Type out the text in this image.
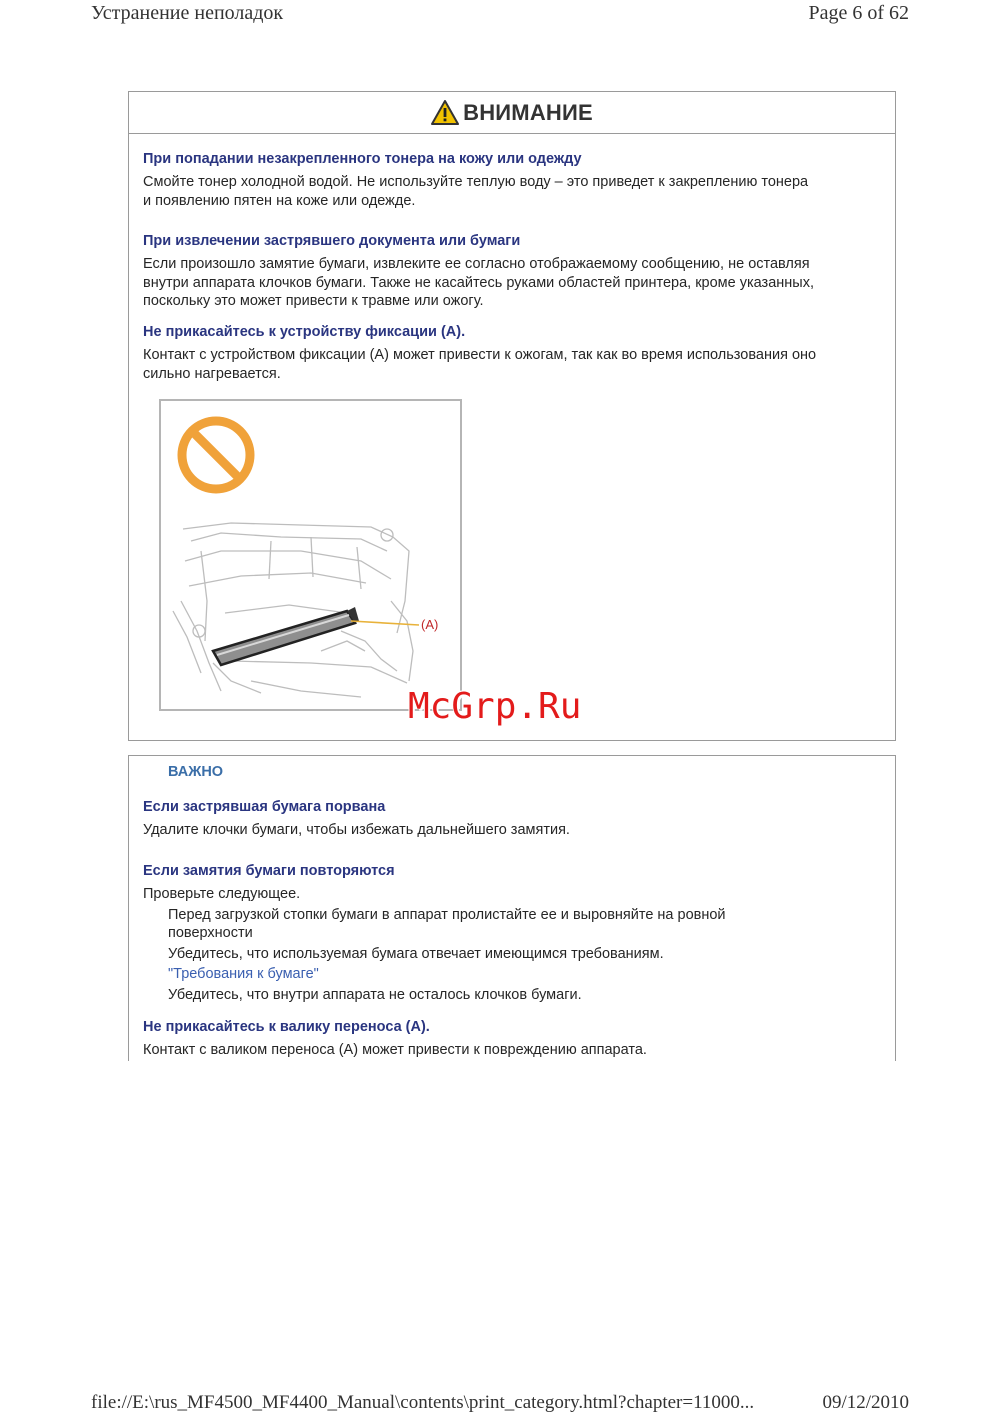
Устранение неполадок	Page 6 of 62
ВНИМАНИЕ
При попадании незакрепленного тонера на кожу или одежду
Смойте тонер холодной водой. Не используйте теплую воду – это приведет к закреплению тонера
и появлению пятен на коже или одежде.
При извлечении застрявшего документа или бумаги
Если произошло замятие бумаги, извлеките ее согласно отображаемому сообщению, не оставляя
внутри аппарата клочков бумаги. Также не касайтесь руками областей принтера, кроме указанных,
поскольку это может привести к травме или ожогу.
Не прикасайтесь к устройству фиксации (A).
Контакт с устройством фиксации (A) может привести к ожогам, так как во время использования оно
сильно нагревается.
(A)
ВАЖНО
Если застрявшая бумага порвана
Удалите клочки бумаги, чтобы избежать дальнейшего замятия.
Если замятия бумаги повторяются
Проверьте следующее.
Перед загрузкой стопки бумаги в аппарат пролистайте ее и выровняйте на ровной
поверхности
Убедитесь, что используемая бумага отвечает имеющимся требованиям.
"Требования к бумаге"
Убедитесь, что внутри аппарата не осталось клочков бумаги.
Не прикасайтесь к валику переноса (A).
Контакт с валиком переноса (A) может привести к повреждению аппарата.
McGrp.Ru
file://E:\rus_MF4500_MF4400_Manual\contents\print_category.html?chapter=11000...	09/12/2010
